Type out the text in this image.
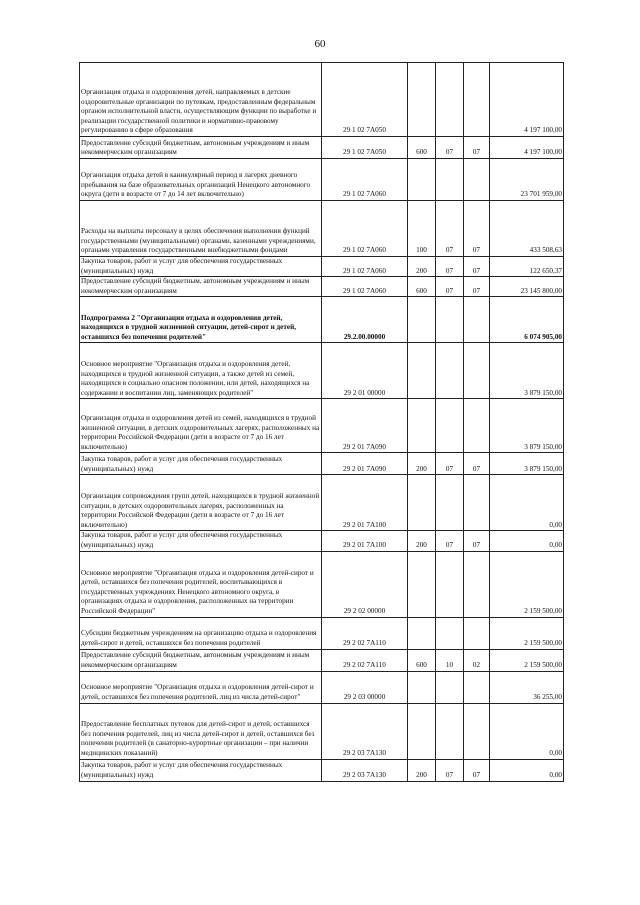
60
Организация отдыха и оздоровления детей, направляемых в детские оздоровительные организации по путевкам, предоставленным федеральным органом исполнительной власти, осуществляющим функции по выработке и реализации государственной политики и нормативно-правовому регулированию в сфере образования	29 1 02 7А050				4 197 100,00
Предоставление субсидий бюджетным, автономным учреждениям и иным некоммерческим организациям	29 1 02 7А050	600	07	07	4 197 100,00
Организация отдыха детей в каникулярный период в лагерях дневного пребывания на базе образовательных организаций Ненецкого автономного округа (дети в возрасте от 7 до 14 лет включительно)	29 1 02 7А060				23 701 959,00
Расходы на выплаты персоналу в целях обеспечения выполнения функций государственными (муниципальными) органами, казенными учреждениями, органами управления государственными внебюджетными фондами	29 1 02 7А060	100	07	07	433 508,63
Закупка товаров, работ и услуг для обеспечения государственных (муниципальных) нужд	29 1 02 7А060	200	07	07	122 650,37
Предоставление субсидий бюджетным, автономным учреждениям и иным некоммерческим организациям	29 1 02 7А060	600	07	07	23 145 800,00
Подпрограмма 2 "Организация отдыха и оздоровления детей, находящихся в трудной жизненной ситуации, детей-сирот и детей, оставшихся без попечения родителей"	29.2.00.00000				6 074 905,00
Основное мероприятие "Организация отдыха и оздоровления детей, находящихся в трудной жизненной ситуации, а также детей из семей, находящихся в социально опасном положении, или детей, находящихся на содержании и воспитании лиц, заменяющих родителей"	29 2 01 00000				3 879 150,00
Организация отдыха и оздоровления детей из семей, находящихся в трудной жизненной ситуации, в детских оздоровительных лагерях, расположенных на территории Российской Федерации (дети в возрасте от 7 до 16 лет включительно)	29 2 01 7А090				3 879 150,00
Закупка товаров, работ и услуг для обеспечения государственных (муниципальных) нужд	29 2 01 7А090	200	07	07	3 879 150,00
Организация сопровождения групп детей, находящихся в трудной жизненной ситуации, в детских оздоровительных лагерях, расположенных на территории Российской Федерации (дети в возрасте от 7 до 16 лет включительно)	29 2 01 7А100				0,00
Закупка товаров, работ и услуг для обеспечения государственных (муниципальных) нужд	29 2 01 7А100	200	07	07	0,00
Основное мероприятие "Организация отдыха и оздоровления детей-сирот и детей, оставшихся без попечения родителей, воспитывающихся в государственных учреждениях Ненецкого автономного округа, в организациях отдыха и оздоровления, расположенных на территории Российской Федерации"	29 2 02 00000				2 159 500,00
Субсидии бюджетным учреждениям на организацию отдыха и оздоровления детей-сирот и детей, оставшихся без попечения родителей	29 2 02 7А110				2 159 500,00
Предоставление субсидий бюджетным, автономным учреждениям и иным некоммерческим организациям	29 2 02 7А110	600	10	02	2 159 500,00
Основное мероприятие "Организация отдыха и оздоровления детей-сирот и детей, оставшихся без попечения родителей, лиц из числа детей-сирот"	29 2 03 00000				36 255,00
Предоставление бесплатных путевок для детей-сирот и детей, оставшихся без попечения родителей, лиц из числа детей-сирот и детей, оставшихся без попечения родителей (в санаторно-курортные организации – при наличии медицинских показаний)	29 2 03 7А130				0,00
Закупка товаров, работ и услуг для обеспечения государственных (муниципальных) нужд	29 2 03 7А130	200	07	07	0,00
